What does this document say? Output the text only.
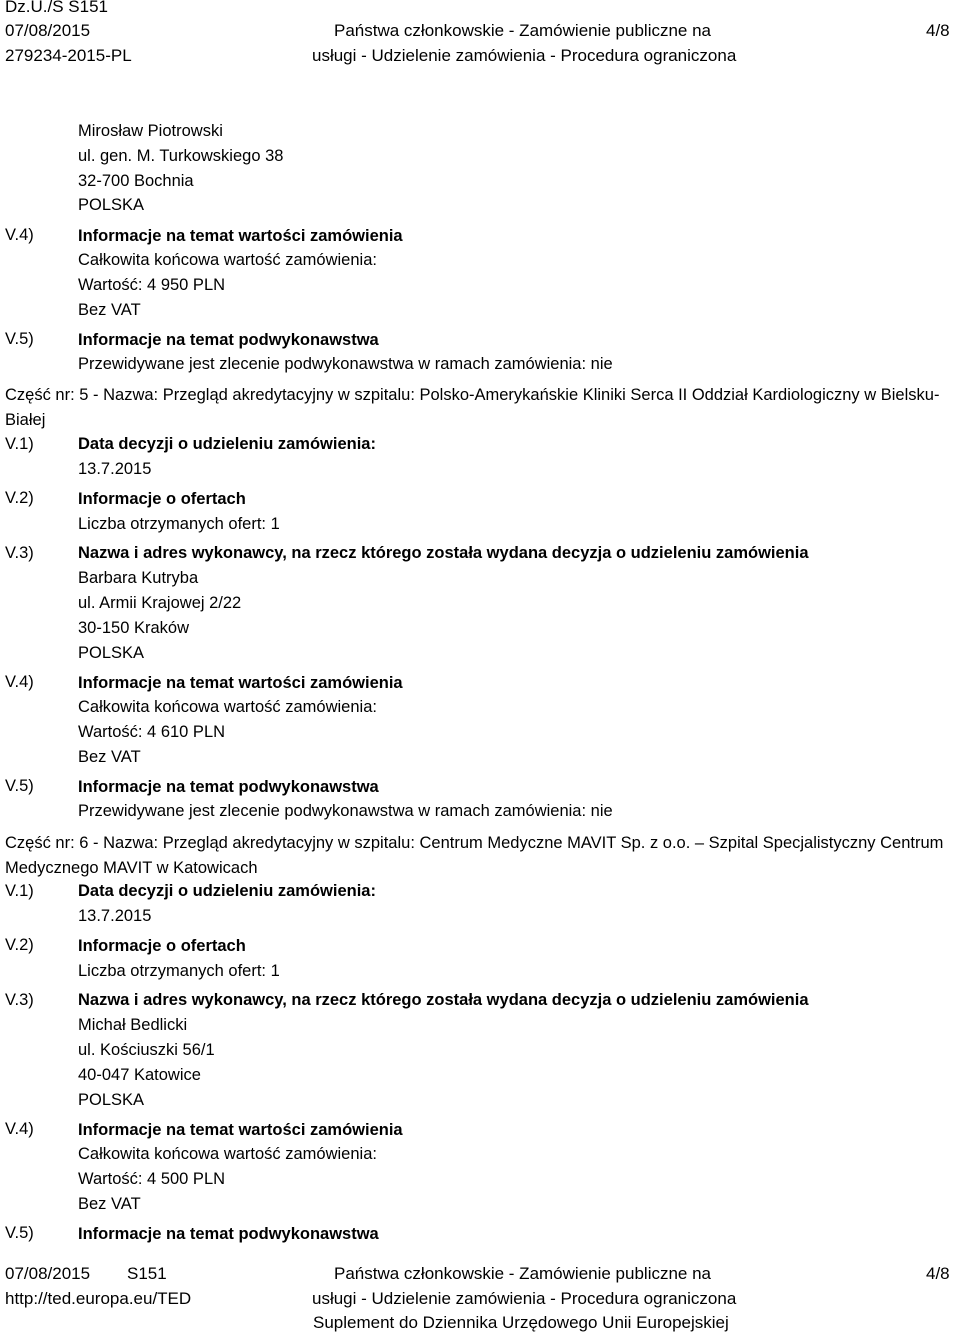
Dz.U./S S151
07/08/2015
279234-2015-PL
Państwa członkowskie - Zamówienie publiczne na
usługi - Udzielenie zamówienia - Procedura ograniczona
4/8
Mirosław Piotrowski
ul. gen. M. Turkowskiego 38
32-700 Bochnia
POLSKA
V.4)	Informacje na temat wartości zamówienia
Całkowita końcowa wartość zamówienia:
Wartość: 4 950 PLN
Bez VAT
V.5)	Informacje na temat podwykonawstwa
Przewidywane jest zlecenie podwykonawstwa w ramach zamówienia: nie
Część nr: 5 - Nazwa: Przegląd akredytacyjny w szpitalu: Polsko-Amerykańskie Kliniki Serca II Oddział Kardiologiczny w Bielsku-Białej
V.1)	Data decyzji o udzieleniu zamówienia:
13.7.2015
V.2)	Informacje o ofertach
Liczba otrzymanych ofert: 1
V.3)	Nazwa i adres wykonawcy, na rzecz którego została wydana decyzja o udzieleniu zamówienia
Barbara Kutryba
ul. Armii Krajowej 2/22
30-150 Kraków
POLSKA
V.4)	Informacje na temat wartości zamówienia
Całkowita końcowa wartość zamówienia:
Wartość: 4 610 PLN
Bez VAT
V.5)	Informacje na temat podwykonawstwa
Przewidywane jest zlecenie podwykonawstwa w ramach zamówienia: nie
Część nr: 6 - Nazwa: Przegląd akredytacyjny w szpitalu: Centrum Medyczne MAVIT Sp. z o.o. – Szpital Specjalistyczny Centrum Medycznego MAVIT w Katowicach
V.1)	Data decyzji o udzieleniu zamówienia:
13.7.2015
V.2)	Informacje o ofertach
Liczba otrzymanych ofert: 1
V.3)	Nazwa i adres wykonawcy, na rzecz którego została wydana decyzja o udzieleniu zamówienia
Michał Bedlicki
ul. Kościuszki 56/1
40-047 Katowice
POLSKA
V.4)	Informacje na temat wartości zamówienia
Całkowita końcowa wartość zamówienia:
Wartość: 4 500 PLN
Bez VAT
V.5)	Informacje na temat podwykonawstwa
07/08/2015 S151
http://ted.europa.eu/TED
Państwa członkowskie - Zamówienie publiczne na
usługi - Udzielenie zamówienia - Procedura ograniczona
Suplement do Dziennika Urzędowego Unii Europejskiej
4/8
